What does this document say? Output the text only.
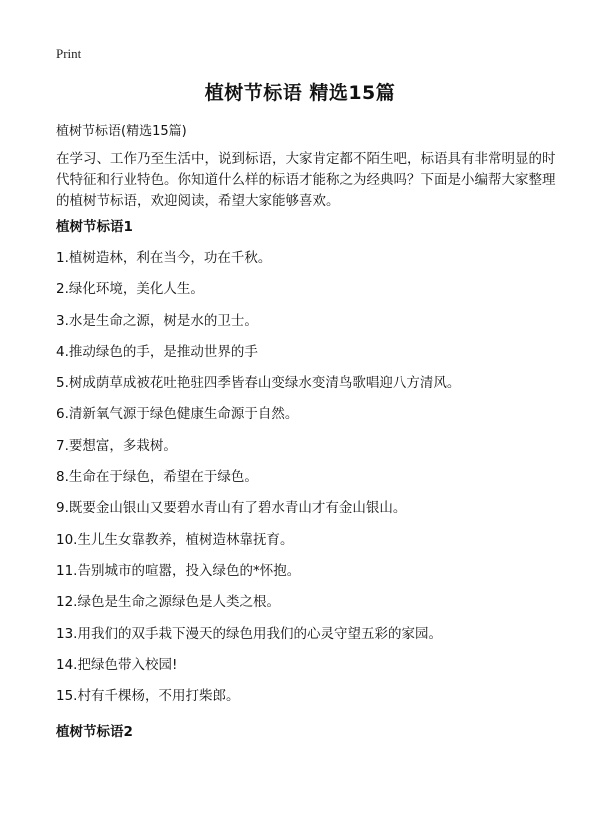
Print
植树节标语 精选15篇
植树节标语(精选15篇)
在学习、工作乃至生活中，说到标语，大家肯定都不陌生吧，标语具有非常明显的时代特征和行业特色。你知道什么样的标语才能称之为经典吗？下面是小编帮大家整理的植树节标语，欢迎阅读，希望大家能够喜欢。
植树节标语1
1.植树造林，利在当今，功在千秋。
2.绿化环境，美化人生。
3.水是生命之源，树是水的卫士。
4.推动绿色的手，是推动世界的手
5.树成荫草成被花吐艳驻四季皆春山变绿水变清鸟歌唱迎八方清风。
6.清新氧气源于绿色健康生命源于自然。
7.要想富，多栽树。
8.生命在于绿色，希望在于绿色。
9.既要金山银山又要碧水青山有了碧水青山才有金山银山。
10.生儿生女靠教养，植树造林靠抚育。
11.告别城市的喧嚣，投入绿色的*怀抱。
12.绿色是生命之源绿色是人类之根。
13.用我们的双手栽下漫天的绿色用我们的心灵守望五彩的家园。
14.把绿色带入校园!
15.村有千棵杨，不用打柴郎。
植树节标语2
